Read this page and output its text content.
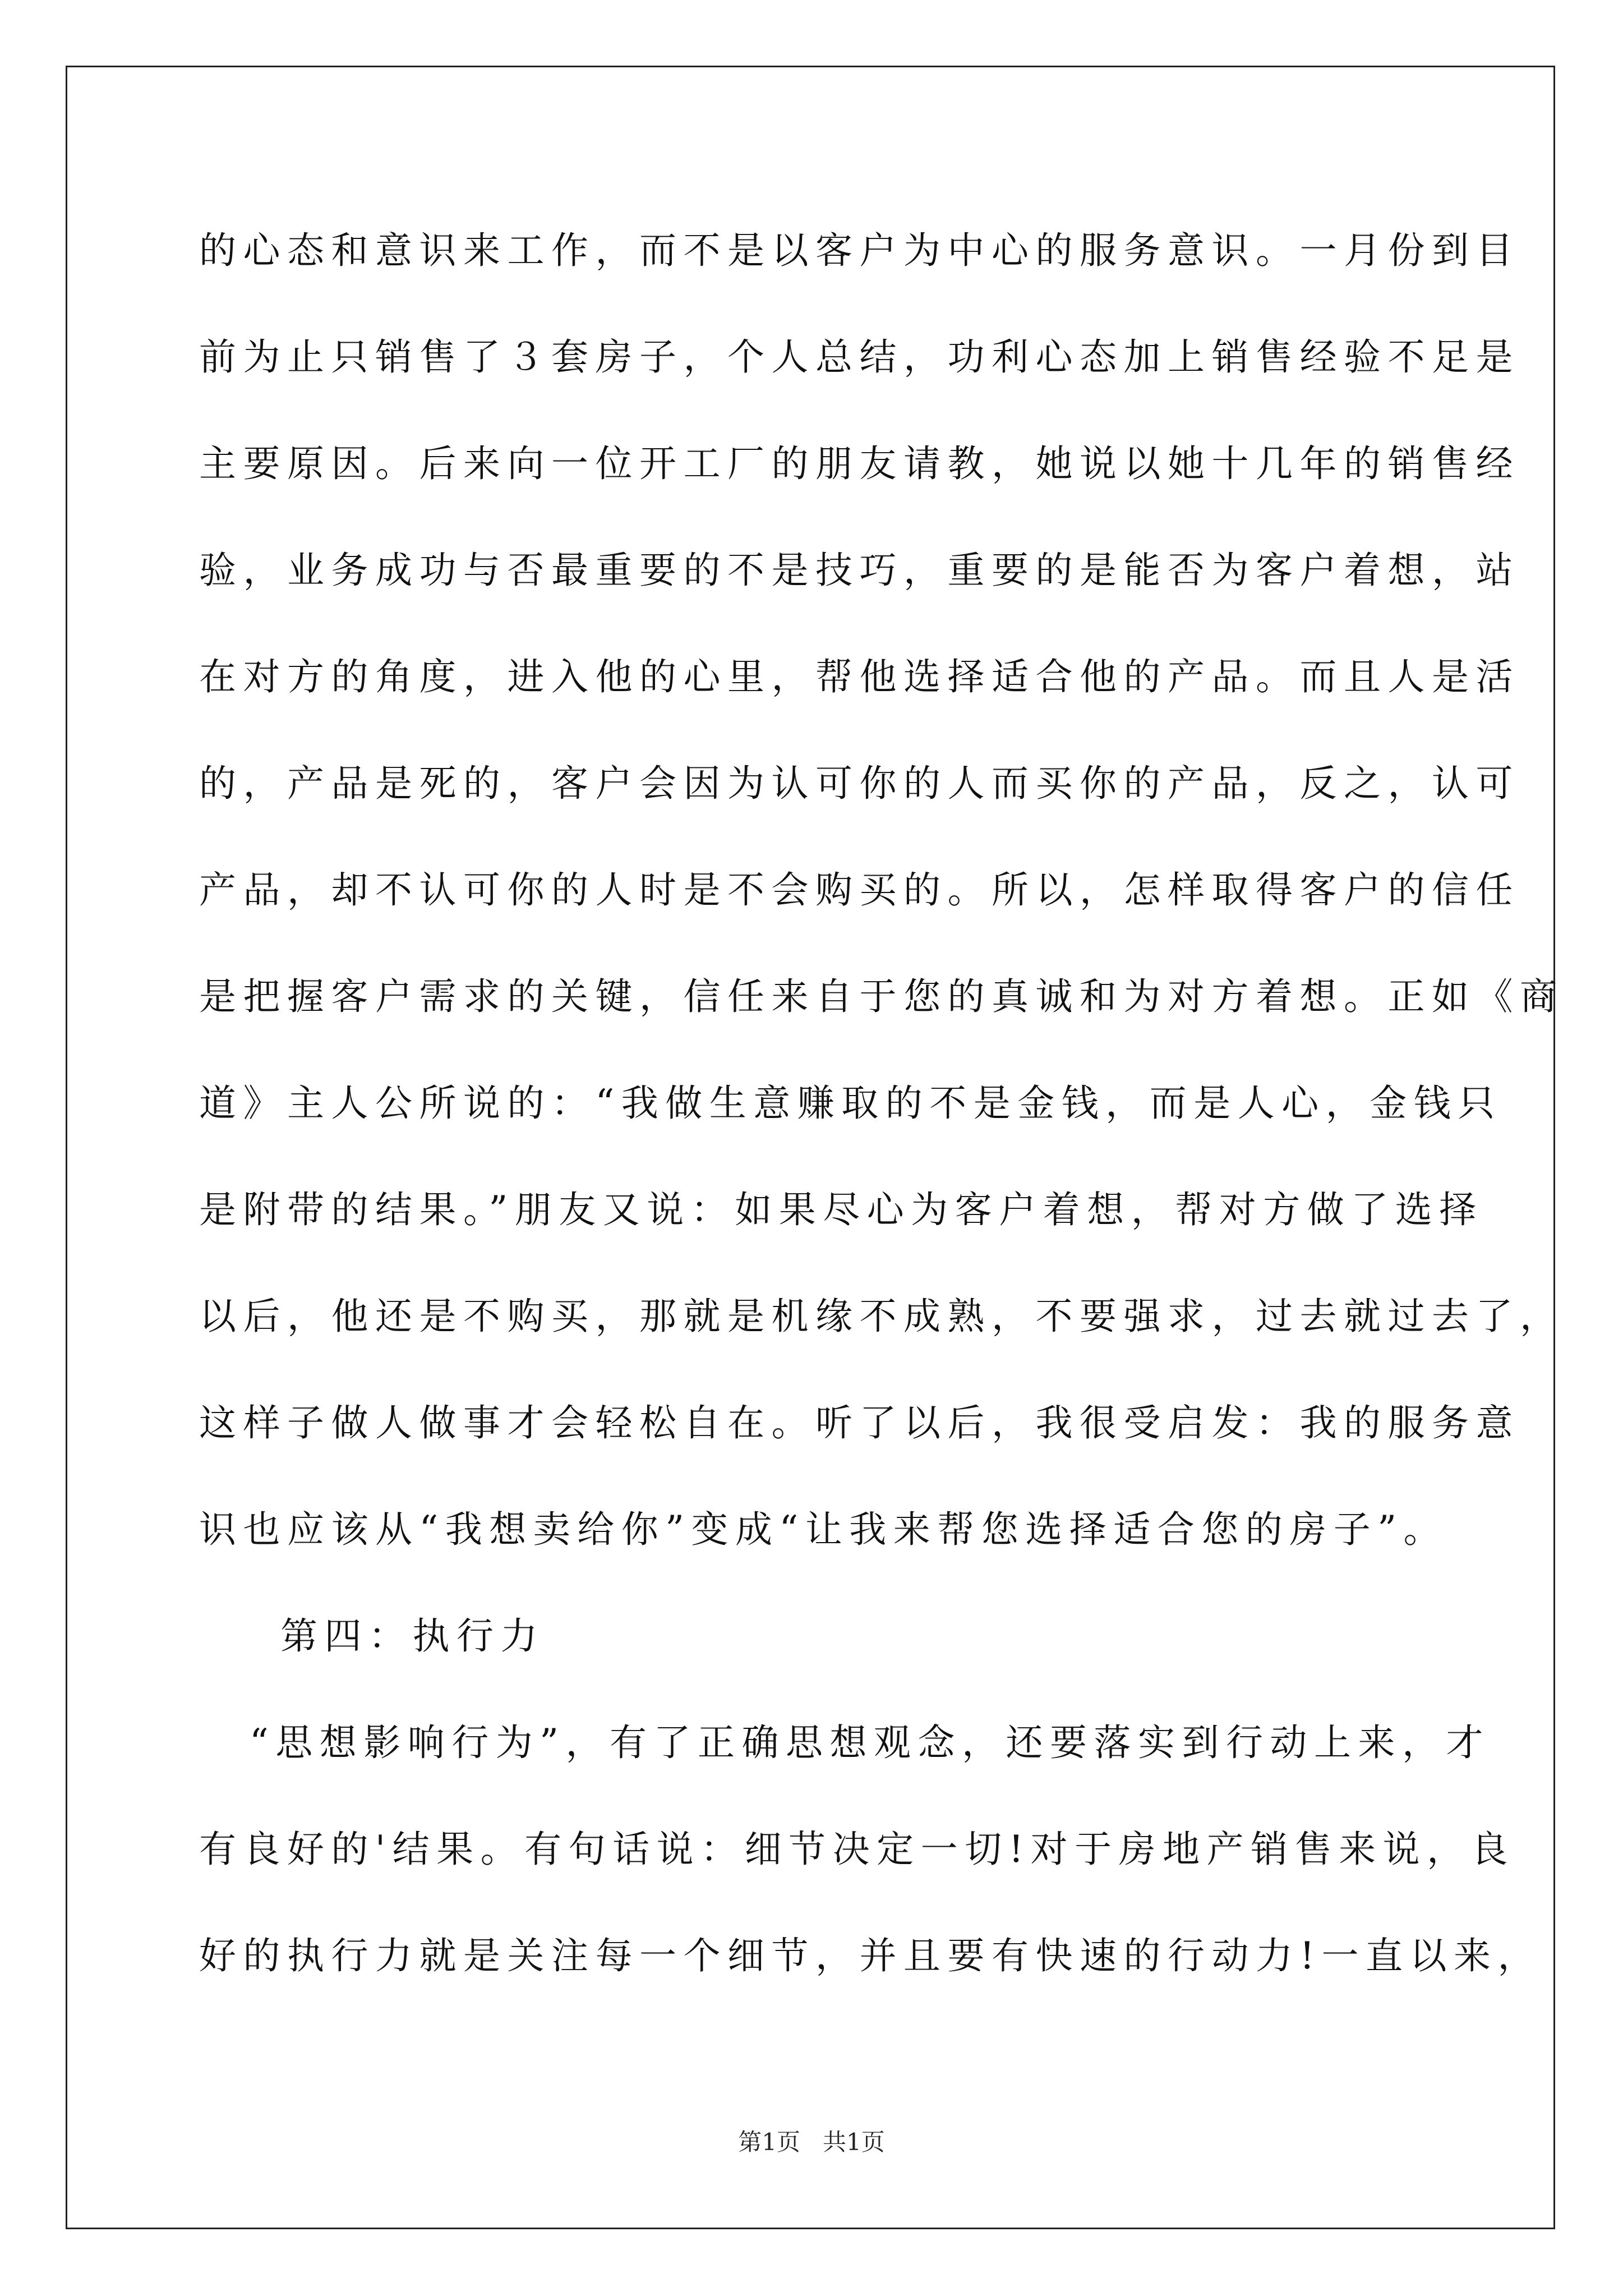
的心态和意识来工作，而不是以客户为中心的服务意识。一月份到目
前为止只销售了３套房子，个人总结，功利心态加上销售经验不足是
主要原因。后来向一位开工厂的朋友请教，她说以她十几年的销售经
验，业务成功与否最重要的不是技巧，重要的是能否为客户着想，站
在对方的角度，进入他的心里，帮他选择适合他的产品。而且人是活
的，产品是死的，客户会因为认可你的人而买你的产品，反之，认可
产品，却不认可你的人时是不会购买的。所以，怎样取得客户的信任
是把握客户需求的关键，信任来自于您的真诚和为对方着想。正如《商
道》主人公所说的：“我做生意赚取的不是金钱，而是人心，金钱只
是附带的结果。”朋友又说：如果尽心为客户着想，帮对方做了选择
以后，他还是不购买，那就是机缘不成熟，不要强求，过去就过去了，
这样子做人做事才会轻松自在。听了以后，我很受启发：我的服务意
识也应该从“我想卖给你”变成“让我来帮您选择适合您的房子”。
第四：执行力
“思想影响行为”，有了正确思想观念，还要落实到行动上来，才
有良好的'结果。有句话说：细节决定一切!对于房地产销售来说，良
好的执行力就是关注每一个细节，并且要有快速的行动力!一直以来，
第1页   共1页
